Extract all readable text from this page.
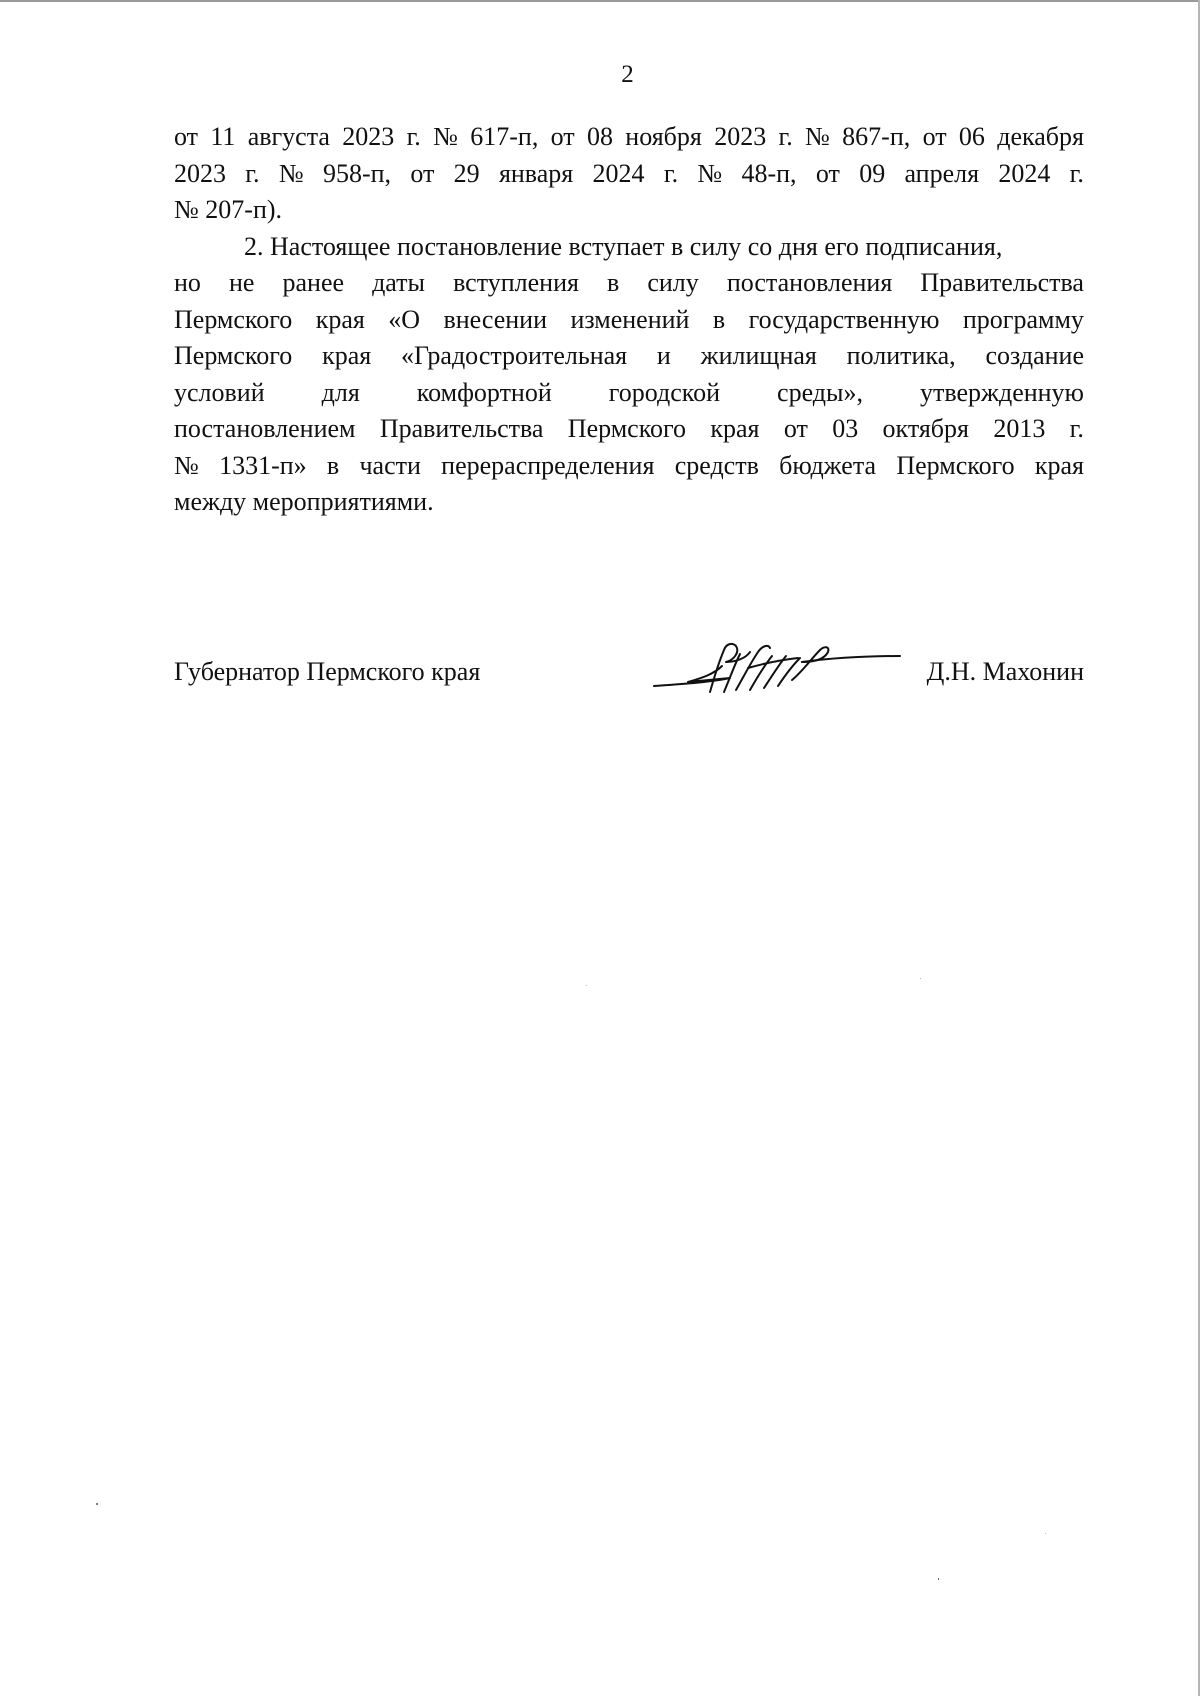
2

от 11 августа 2023 г. № 617-п, от 08 ноября 2023 г. № 867-п, от 06 декабря

2023 г. № 958-п, от 29 января 2024 г. № 48-п, от 09 апреля 2024 г.

№ 207-п).

2. Настоящее постановление вступает в силу со дня его подписания,

но не ранее даты вступления в силу постановления Правительства

Пермского края «О внесении изменений в государственную программу

Пермского края «Градостроительная и жилищная политика, создание

условий для комфортной городской среды», утвержденную

постановлением Правительства Пермского края от 03 октября 2013 г.

№ 1331-п» в части перераспределения средств бюджета Пермского края

между мероприятиями.

Губернатор Пермского края	Д.Н. Махонин
